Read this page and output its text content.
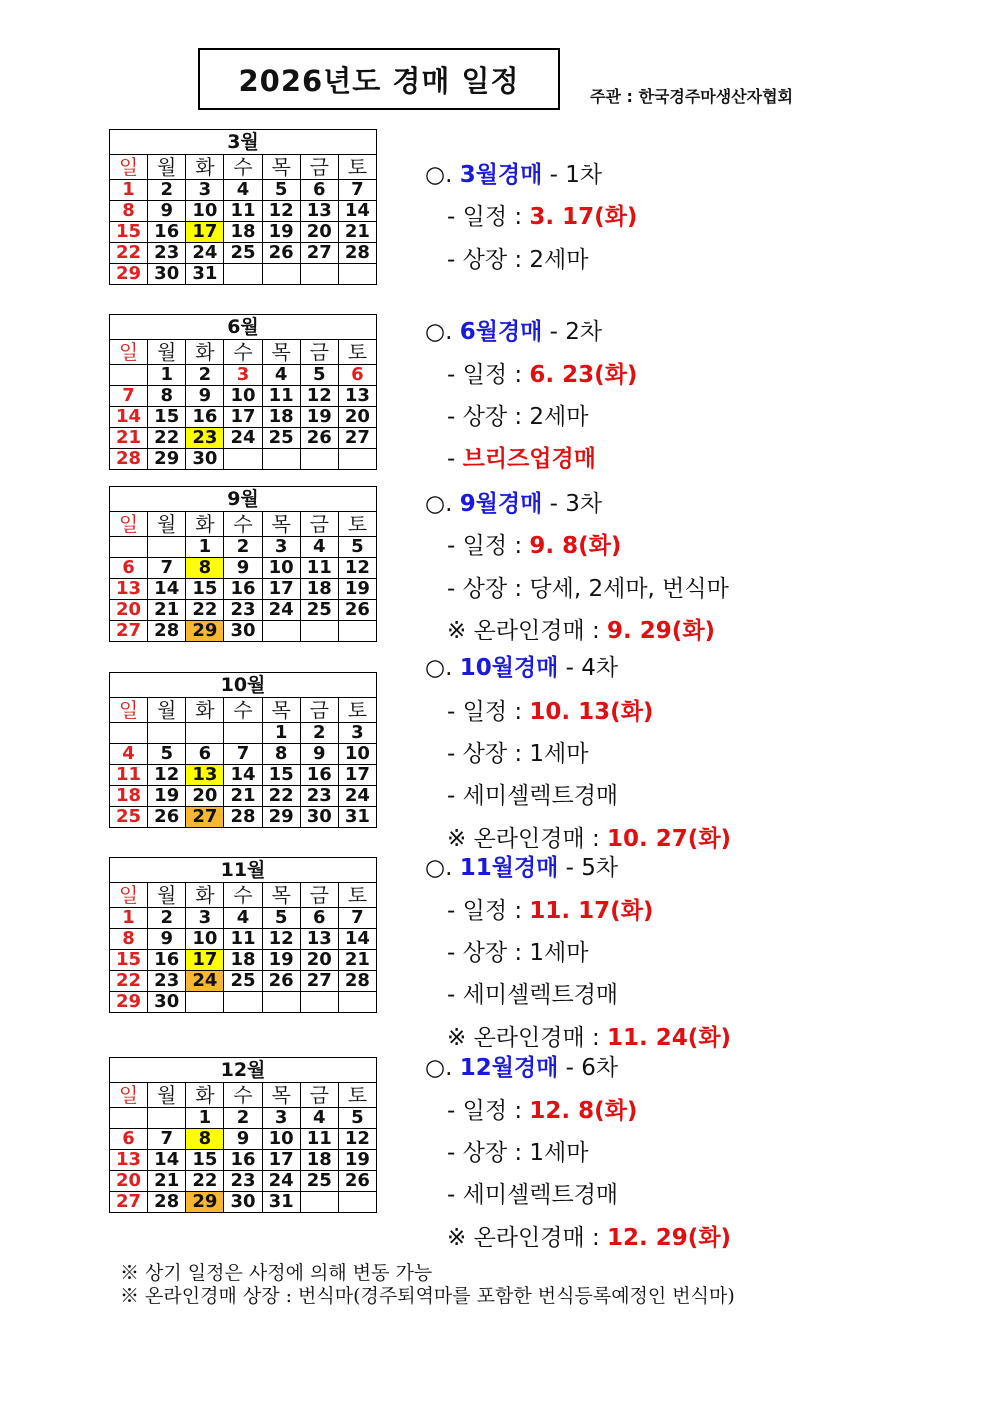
2026년도 경매 일정	주관 : 한국경주마생산자협회
3월						
일	월	화	수	목	금	토
1	2	3	4	5	6	7
8	9	10	11	12	13	14
15	16	17	18	19	20	21
22	23	24	25	26	27	28
29	30	31				
6월						
일	월	화	수	목	금	토
	1	2	3	4	5	6
7	8	9	10	11	12	13
14	15	16	17	18	19	20
21	22	23	24	25	26	27
28	29	30				
9월						
일	월	화	수	목	금	토
		1	2	3	4	5
6	7	8	9	10	11	12
13	14	15	16	17	18	19
20	21	22	23	24	25	26
27	28	29	30			
10월						
일	월	화	수	목	금	토
				1	2	3
4	5	6	7	8	9	10
11	12	13	14	15	16	17
18	19	20	21	22	23	24
25	26	27	28	29	30	31
11월						
일	월	화	수	목	금	토
1	2	3	4	5	6	7
8	9	10	11	12	13	14
15	16	17	18	19	20	21
22	23	24	25	26	27	28
29	30					
12월						
일	월	화	수	목	금	토
		1	2	3	4	5
6	7	8	9	10	11	12
13	14	15	16	17	18	19
20	21	22	23	24	25	26
27	28	29	30	31		
○. 3월경매 - 1차
- 일정 : 3. 17(화)
- 상장 : 2세마
○. 6월경매 - 2차
- 일정 : 6. 23(화)
- 상장 : 2세마
- 브리즈업경매
○. 9월경매 - 3차
- 일정 : 9. 8(화)
- 상장 : 당세, 2세마, 번식마
※ 온라인경매 : 9. 29(화)
○. 10월경매 - 4차
- 일정 : 10. 13(화)
- 상장 : 1세마
- 세미셀렉트경매
※ 온라인경매 : 10. 27(화)
○. 11월경매 - 5차
- 일정 : 11. 17(화)
- 상장 : 1세마
- 세미셀렉트경매
※ 온라인경매 : 11. 24(화)
○. 12월경매 - 6차
- 일정 : 12. 8(화)
- 상장 : 1세마
- 세미셀렉트경매
※ 온라인경매 : 12. 29(화)
※ 상기 일정은 사정에 의해 변동 가능
※ 온라인경매 상장 : 번식마(경주퇴역마를 포함한 번식등록예정인 번식마)
